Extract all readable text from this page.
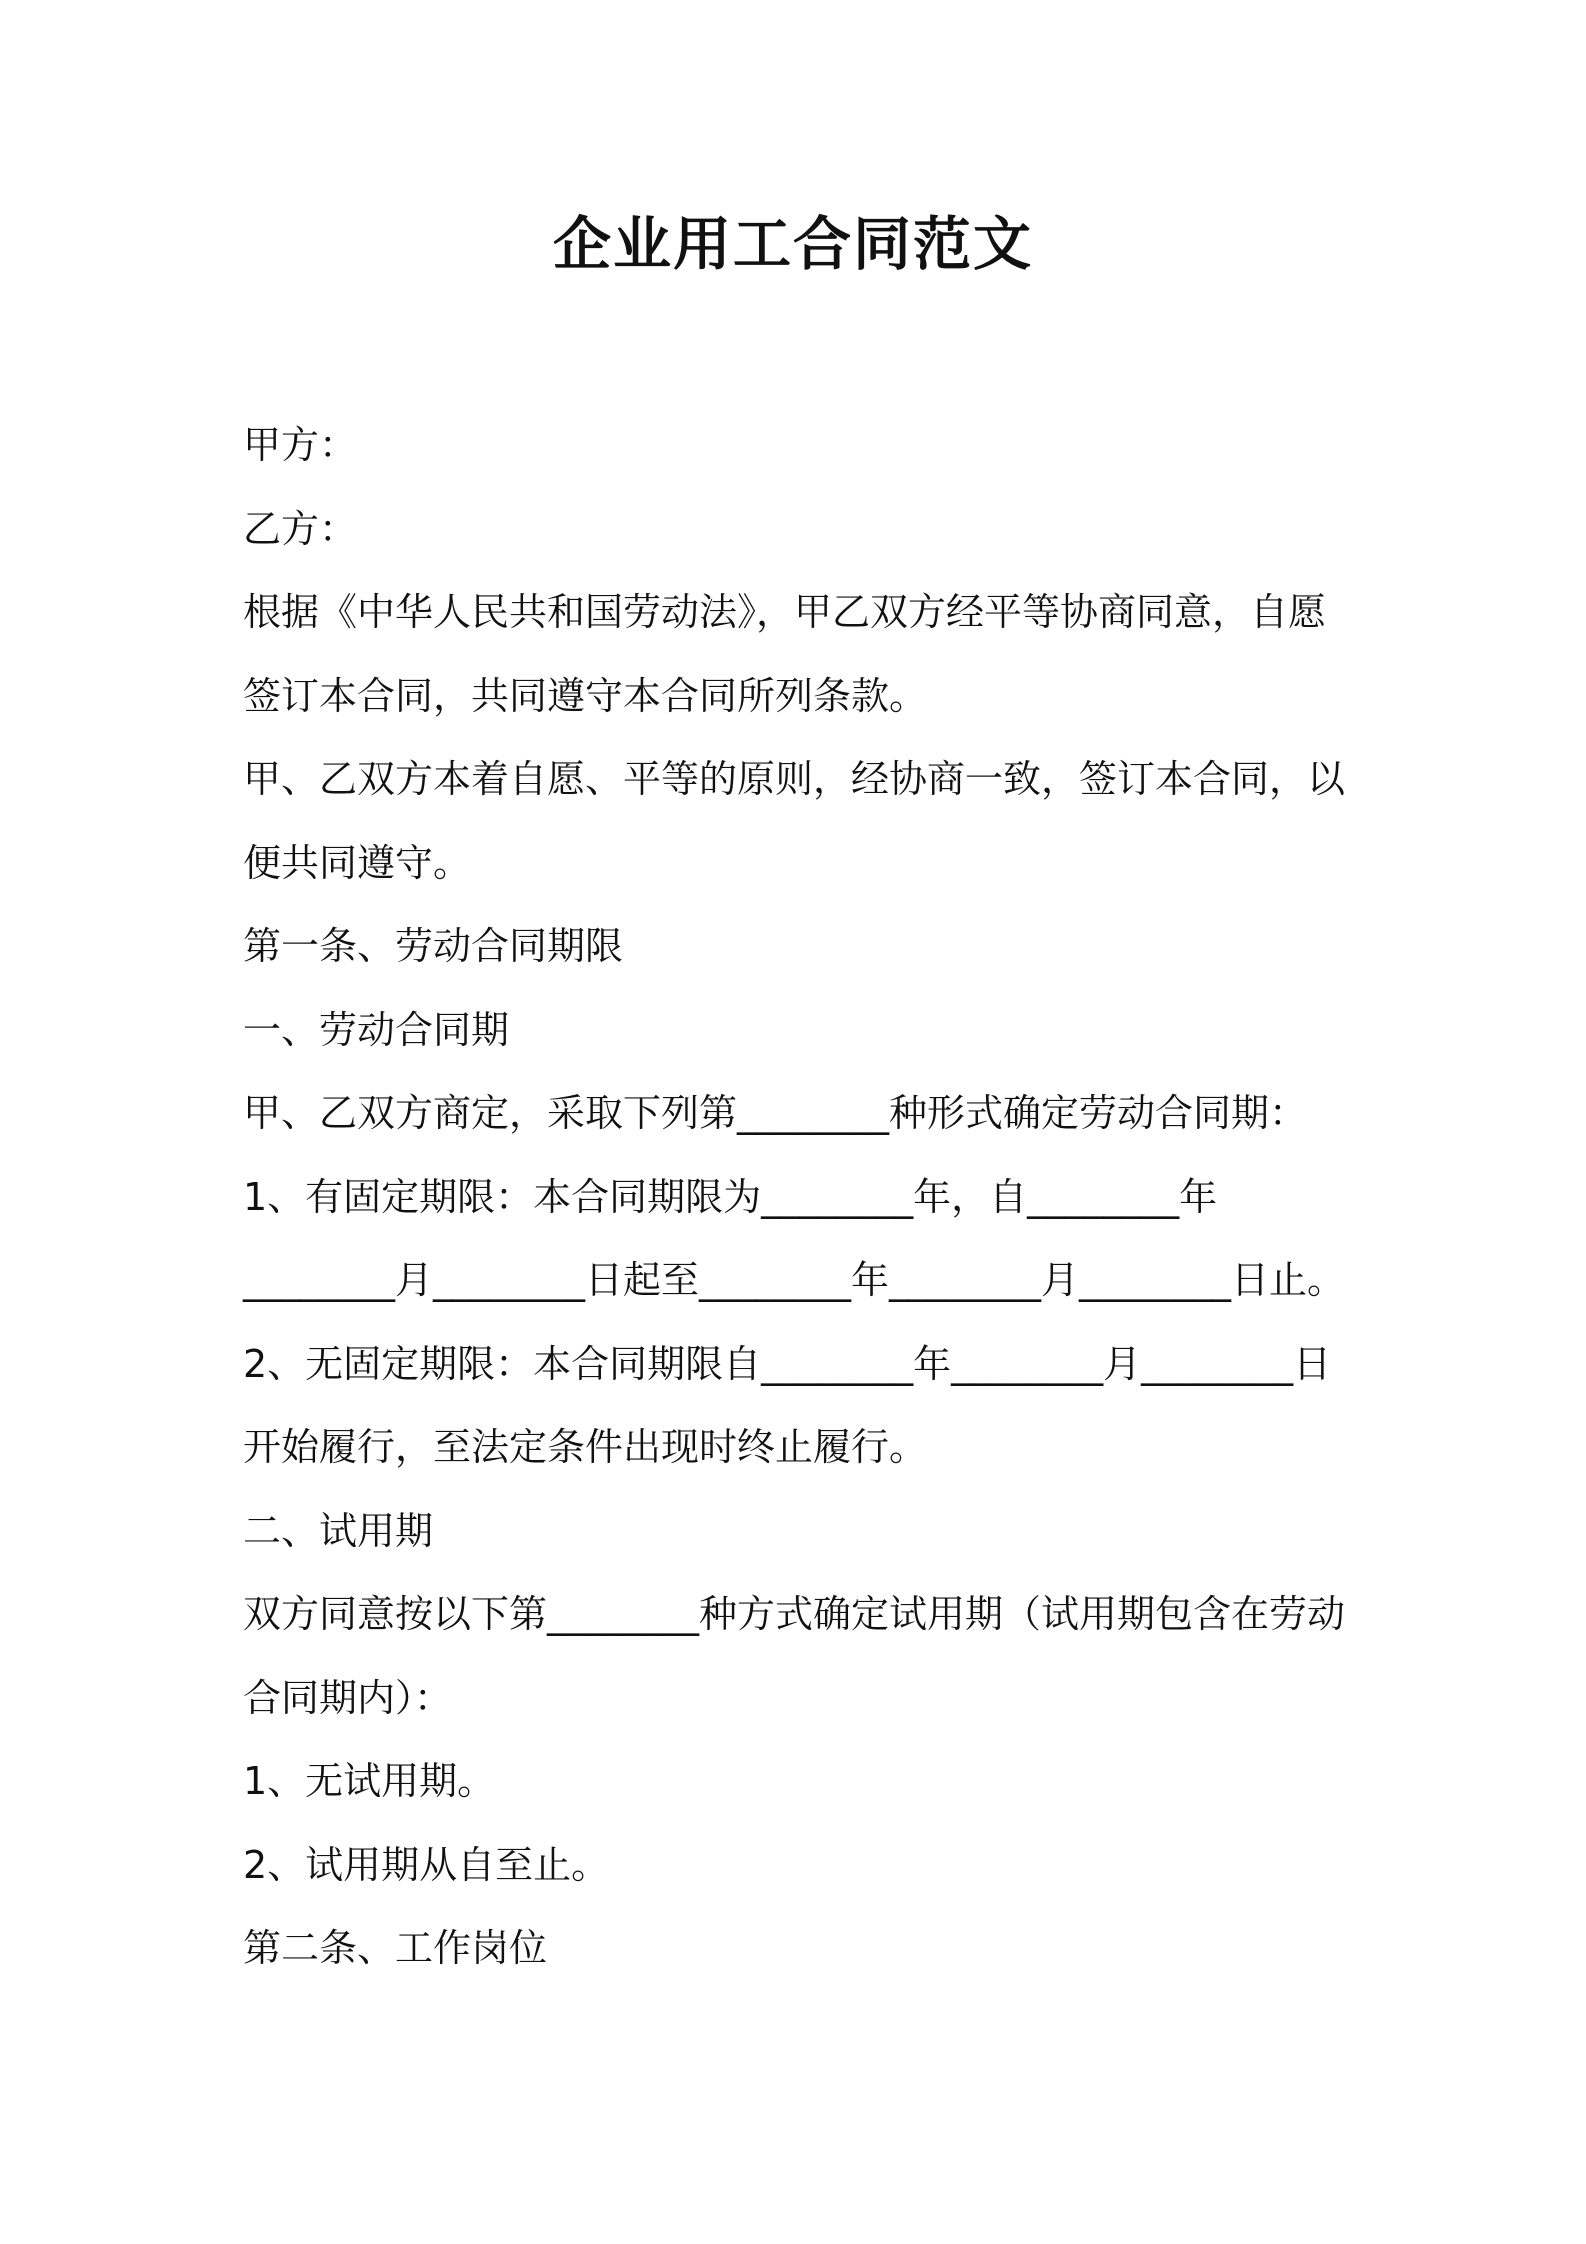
企业用工合同范文

甲方：

乙方：

根据《中华人民共和国劳动法》，甲乙双方经平等协商同意，自愿签订本合同，共同遵守本合同所列条款。

甲、乙双方本着自愿、平等的原则，经协商一致，签订本合同，以便共同遵守。

第一条、劳动合同期限

一、劳动合同期

甲、乙双方商定，采取下列第________种形式确定劳动合同期：

1、有固定期限：本合同期限为________年，自________年________月________日起至________年________月________日止。

2、无固定期限：本合同期限自________年________月________日开始履行，至法定条件出现时终止履行。

二、试用期

双方同意按以下第________种方式确定试用期（试用期包含在劳动合同期内）：

1、无试用期。

2、试用期从自至止。

第二条、工作岗位
